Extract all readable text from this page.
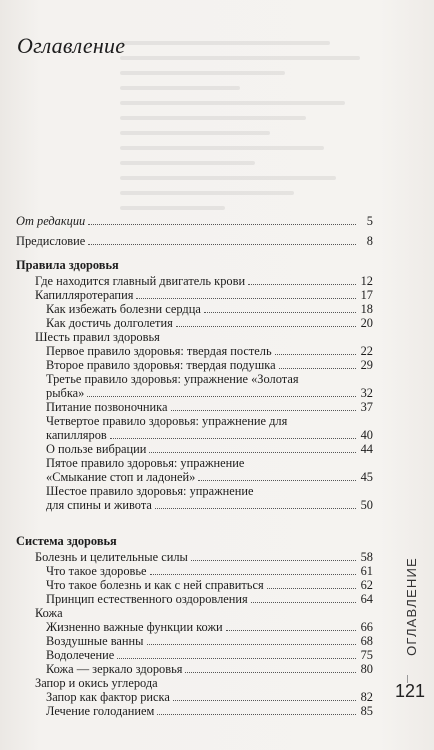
Оглавление
От редакции	5
Предисловие	8
Правила здоровья
Где находится главный двигатель крови	12
Капилляротерапия	17
Как избежать болезни сердца	18
Как достичь долголетия	20
Шесть правил здоровья
Первое правило здоровья: твердая постель	22
Второе правило здоровья: твердая подушка	29
Третье правило здоровья: упражнение «Золотая
рыбка»	32
Питание позвоночника	37
Четвертое правило здоровья: упражнение для
капилляров	40
О пользе вибрации	44
Пятое правило здоровья: упражнение
«Смыкание стоп и ладоней»	45
Шестое правило здоровья: упражнение
для спины и живота	50
Система здоровья
Болезнь и целительные силы	58
Что такое здоровье	61
Что такое болезнь и как с ней справиться	62
Принцип естественного оздоровления	64
Кожа
Жизненно важные функции кожи	66
Воздушные ванны	68
Водолечение	75
Кожа — зеркало здоровья	80
Запор и окись углерода
Запор как фактор риска	82
Лечение голоданием	85
ОГЛАВЛЕНИЕ
121
